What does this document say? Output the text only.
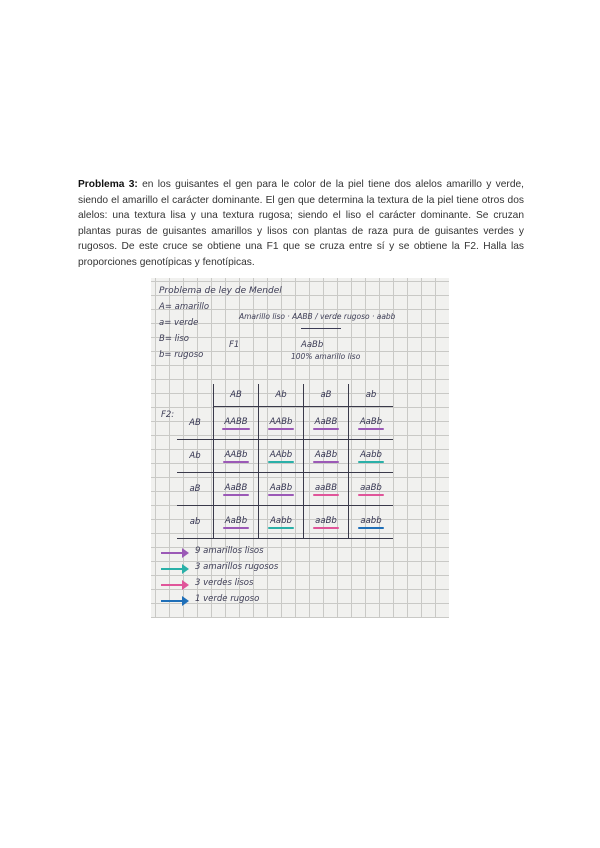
Problema 3: en los guisantes el gen para le color de la piel tiene dos alelos amarillo y verde, siendo el amarillo el carácter dominante. El gen que determina la textura de la piel tiene otros dos alelos: una textura lisa y una textura rugosa; siendo el liso el carácter dominante. Se cruzan plantas puras de guisantes amarillos y lisos con plantas de raza pura de guisantes verdes y rugosos. De este cruce se obtiene una F1 que se cruza entre sí y se obtiene la F2. Halla las proporciones genotípicas y fenotípicas.
Problema de ley de Mendel
A= amarillo
a= verde
B= liso
b= rugoso
Amarillo liso · AABB / verde rugoso · aabb
F1	AaBb
100% amarillo liso
F2:
	AB	Ab	aB	ab
AB	AABB	AABb	AaBB	AaBb

Ab	AABb	AAbb	AaBb	Aabb

aB	AaBB	AaBb	aaBB	aaBb

ab	AaBb	Aabb	aaBb	aabb
9 amarillos lisos
3 amarillos rugosos
3 verdes lisos
1 verde rugoso
